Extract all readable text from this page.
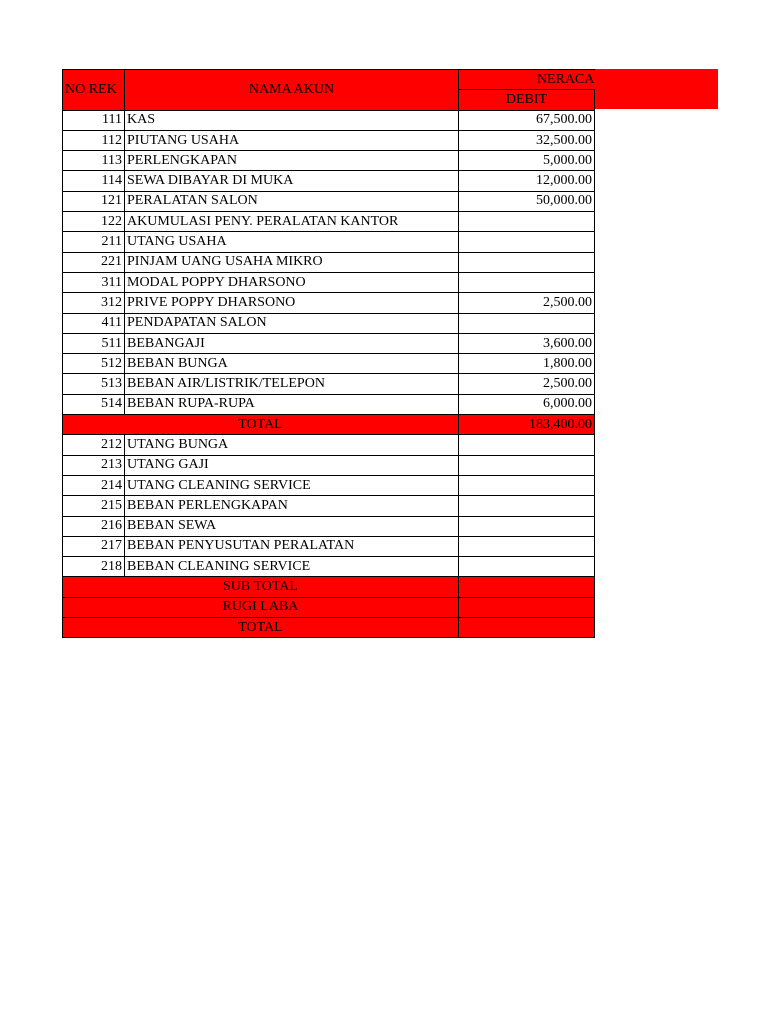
NO REK	NAMA AKUN	NERACA
		DEBIT
111	KAS	67,500.00
112	PIUTANG USAHA	32,500.00
113	PERLENGKAPAN	5,000.00
114	SEWA DIBAYAR DI MUKA	12,000.00
121	PERALATAN SALON	50,000.00
122	AKUMULASI PENY. PERALATAN KANTOR	
211	UTANG USAHA	
221	PINJAM UANG USAHA MIKRO	
311	MODAL POPPY DHARSONO	
312	PRIVE POPPY DHARSONO	2,500.00
411	PENDAPATAN SALON	
511	BEBANGAJI	3,600.00
512	BEBAN BUNGA	1,800.00
513	BEBAN AIR/LISTRIK/TELEPON	2,500.00
514	BEBAN RUPA-RUPA	6,000.00
TOTAL		183,400.00
212	UTANG BUNGA	
213	UTANG GAJI	
214	UTANG CLEANING SERVICE	
215	BEBAN PERLENGKAPAN	
216	BEBAN SEWA	
217	BEBAN PENYUSUTAN PERALATAN	
218	BEBAN CLEANING SERVICE	
SUB TOTAL		
RUGI LABA		
TOTAL		
